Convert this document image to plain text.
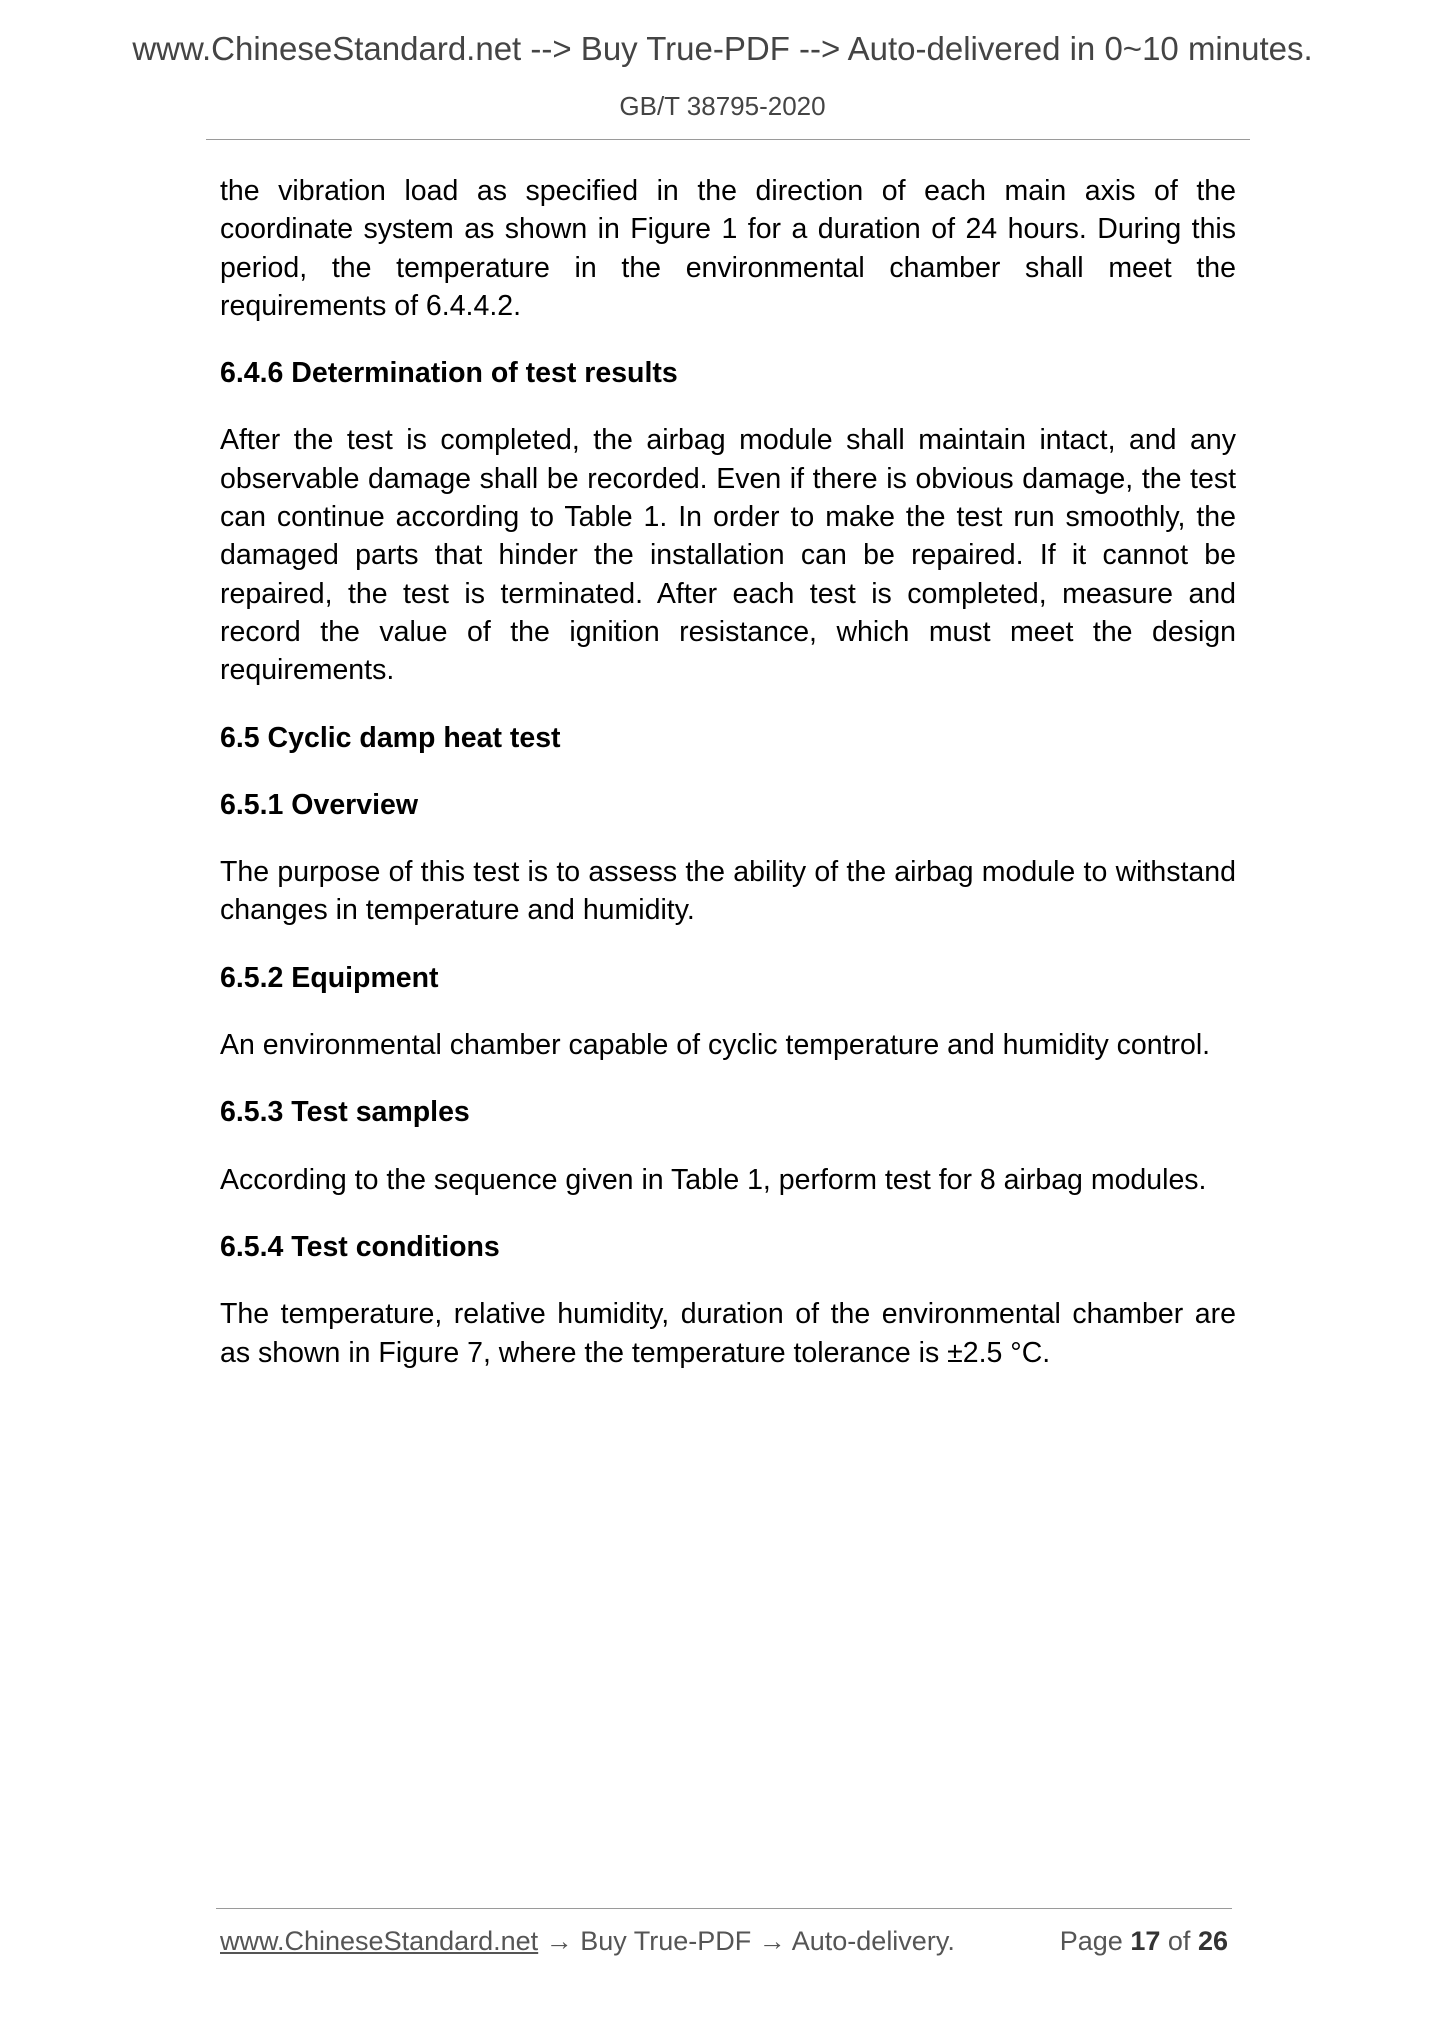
www.ChineseStandard.net --> Buy True-PDF --> Auto-delivered in 0~10 minutes.
GB/T 38795-2020

the vibration load as specified in the direction of each main axis of the coordinate system as shown in Figure 1 for a duration of 24 hours. During this period, the temperature in the environmental chamber shall meet the requirements of 6.4.4.2.

6.4.6 Determination of test results

After the test is completed, the airbag module shall maintain intact, and any observable damage shall be recorded. Even if there is obvious damage, the test can continue according to Table 1. In order to make the test run smoothly, the damaged parts that hinder the installation can be repaired. If it cannot be repaired, the test is terminated. After each test is completed, measure and record the value of the ignition resistance, which must meet the design requirements.

6.5 Cyclic damp heat test

6.5.1 Overview

The purpose of this test is to assess the ability of the airbag module to withstand changes in temperature and humidity.

6.5.2 Equipment

An environmental chamber capable of cyclic temperature and humidity control.

6.5.3 Test samples

According to the sequence given in Table 1, perform test for 8 airbag modules.

6.5.4 Test conditions

The temperature, relative humidity, duration of the environmental chamber are as shown in Figure 7, where the temperature tolerance is ±2.5 °C.

www.ChineseStandard.net → Buy True-PDF → Auto-delivery.	Page 17 of 26
